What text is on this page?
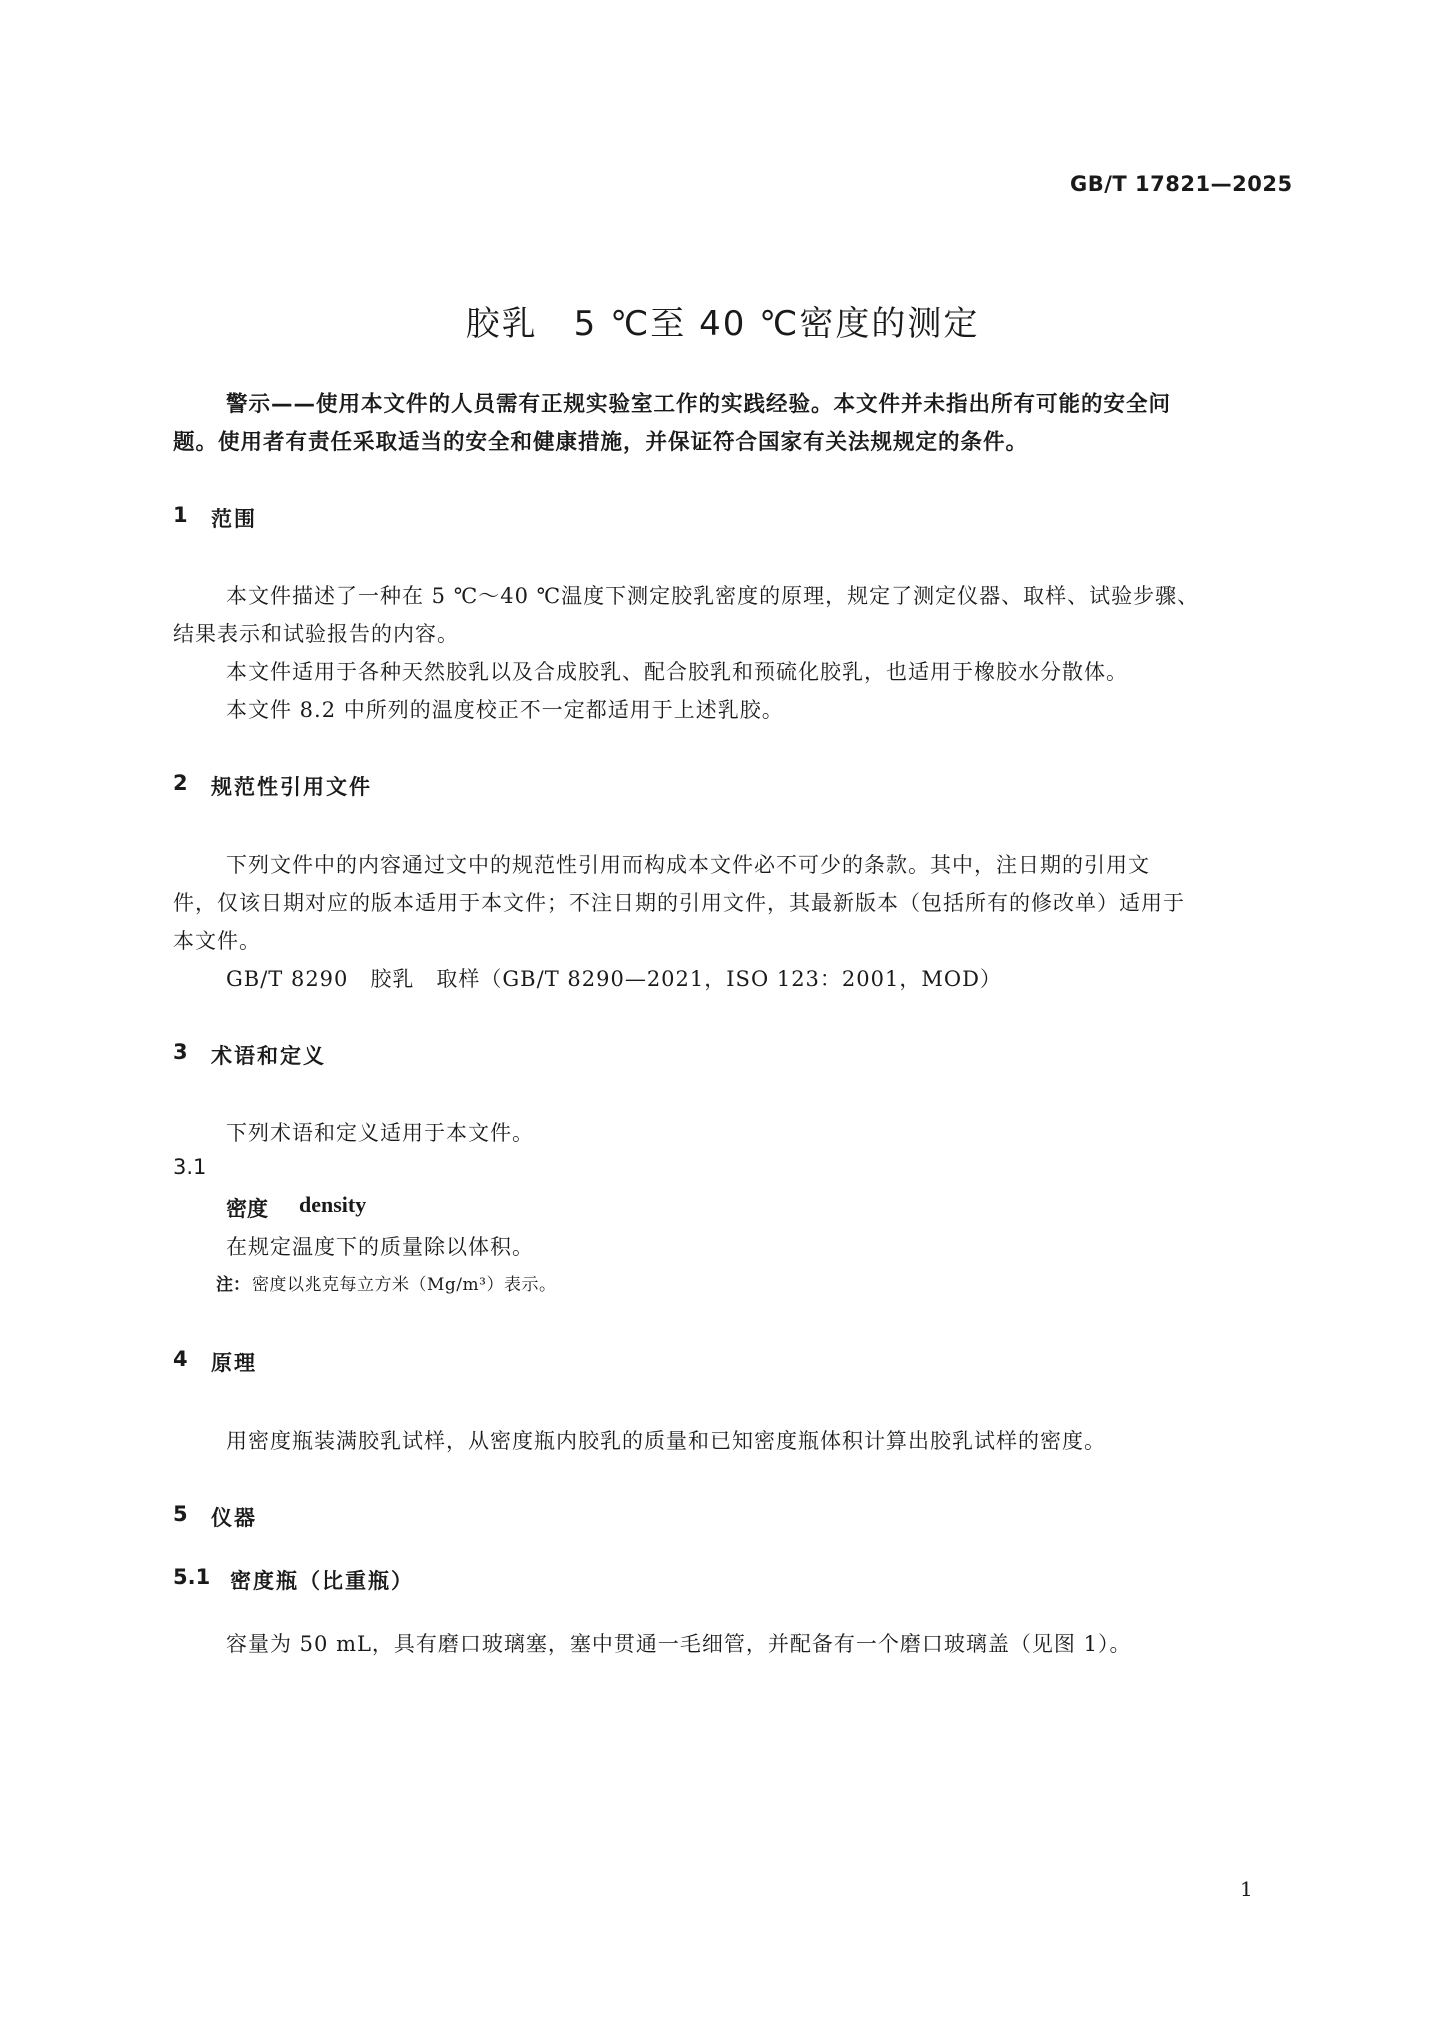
GB/T 17821—2025
胶乳　5 ℃至 40 ℃密度的测定
警示——使用本文件的人员需有正规实验室工作的实践经验。本文件并未指出所有可能的安全问
题。使用者有责任采取适当的安全和健康措施，并保证符合国家有关法规规定的条件。
1 范围
本文件描述了一种在 5 ℃～40 ℃温度下测定胶乳密度的原理，规定了测定仪器、取样、试验步骤、
结果表示和试验报告的内容。
本文件适用于各种天然胶乳以及合成胶乳、配合胶乳和预硫化胶乳，也适用于橡胶水分散体。
本文件 8.2 中所列的温度校正不一定都适用于上述乳胶。
2 规范性引用文件
下列文件中的内容通过文中的规范性引用而构成本文件必不可少的条款。其中，注日期的引用文
件，仅该日期对应的版本适用于本文件；不注日期的引用文件，其最新版本（包括所有的修改单）适用于
本文件。
GB/T 8290　胶乳　取样（GB/T 8290—2021，ISO 123：2001，MOD）
3 术语和定义
下列术语和定义适用于本文件。
3.1
密度 density
在规定温度下的质量除以体积。
注： 密度以兆克每立方米（Mg/m³）表示。
4 原理
用密度瓶装满胶乳试样，从密度瓶内胶乳的质量和已知密度瓶体积计算出胶乳试样的密度。
5 仪器
5.1 密度瓶（比重瓶）
容量为 50 mL，具有磨口玻璃塞，塞中贯通一毛细管，并配备有一个磨口玻璃盖（见图 1）。
1
